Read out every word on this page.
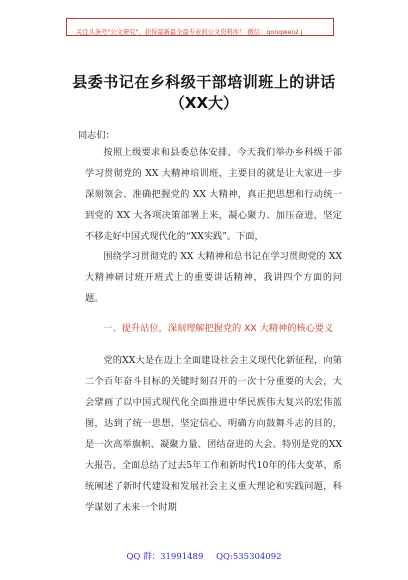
关注头条号"公文研究"，获得最新最全最专业的公文资料库！ 微信：gongwenz j
县委书记在乡科级干部培训班上的讲话
（XX大）
同志们：

按照上级要求和县委总体安排，今天我们举办乡科级干部学习贯彻党的 XX 大精神培训班，主要目的就是让大家进一步深刻领会、准确把握党的 XX 大精神，真正把思想和行动统一到党的 XX 大各项决策部署上来，凝心聚力、加压奋进，坚定不移走好中国式现代化的“XX实践”。下面，

围绕学习贯彻党的 XX 大精神和总书记在学习贯彻党的 XX 大精神研讨班开班式上的重要讲话精神，我讲四个方面的问题。

一、提升站位，深刻理解把握党的 XX 大精神的核心要义

党的XX大是在迈上全面建设社会主义现代化新征程，向第二个百年奋斗目标的关键时刻召开的一次十分重要的大会，大会擘画了以中国式现代化全面推进中华民族伟大复兴的宏伟蓝图，达到了统一思想、坚定信心、明确方向鼓舞斗志的目的，是一次高举旗帜、凝聚力量、团结奋进的大会。特别是党的XX大报告，全面总结了过去5年工作和新时代10年的伟大变革，系统阐述了新时代建设和发展社会主义重大理论和实践问题，科学谋划了未来一个时期

QQ 群：31991489 QQ:535304092
